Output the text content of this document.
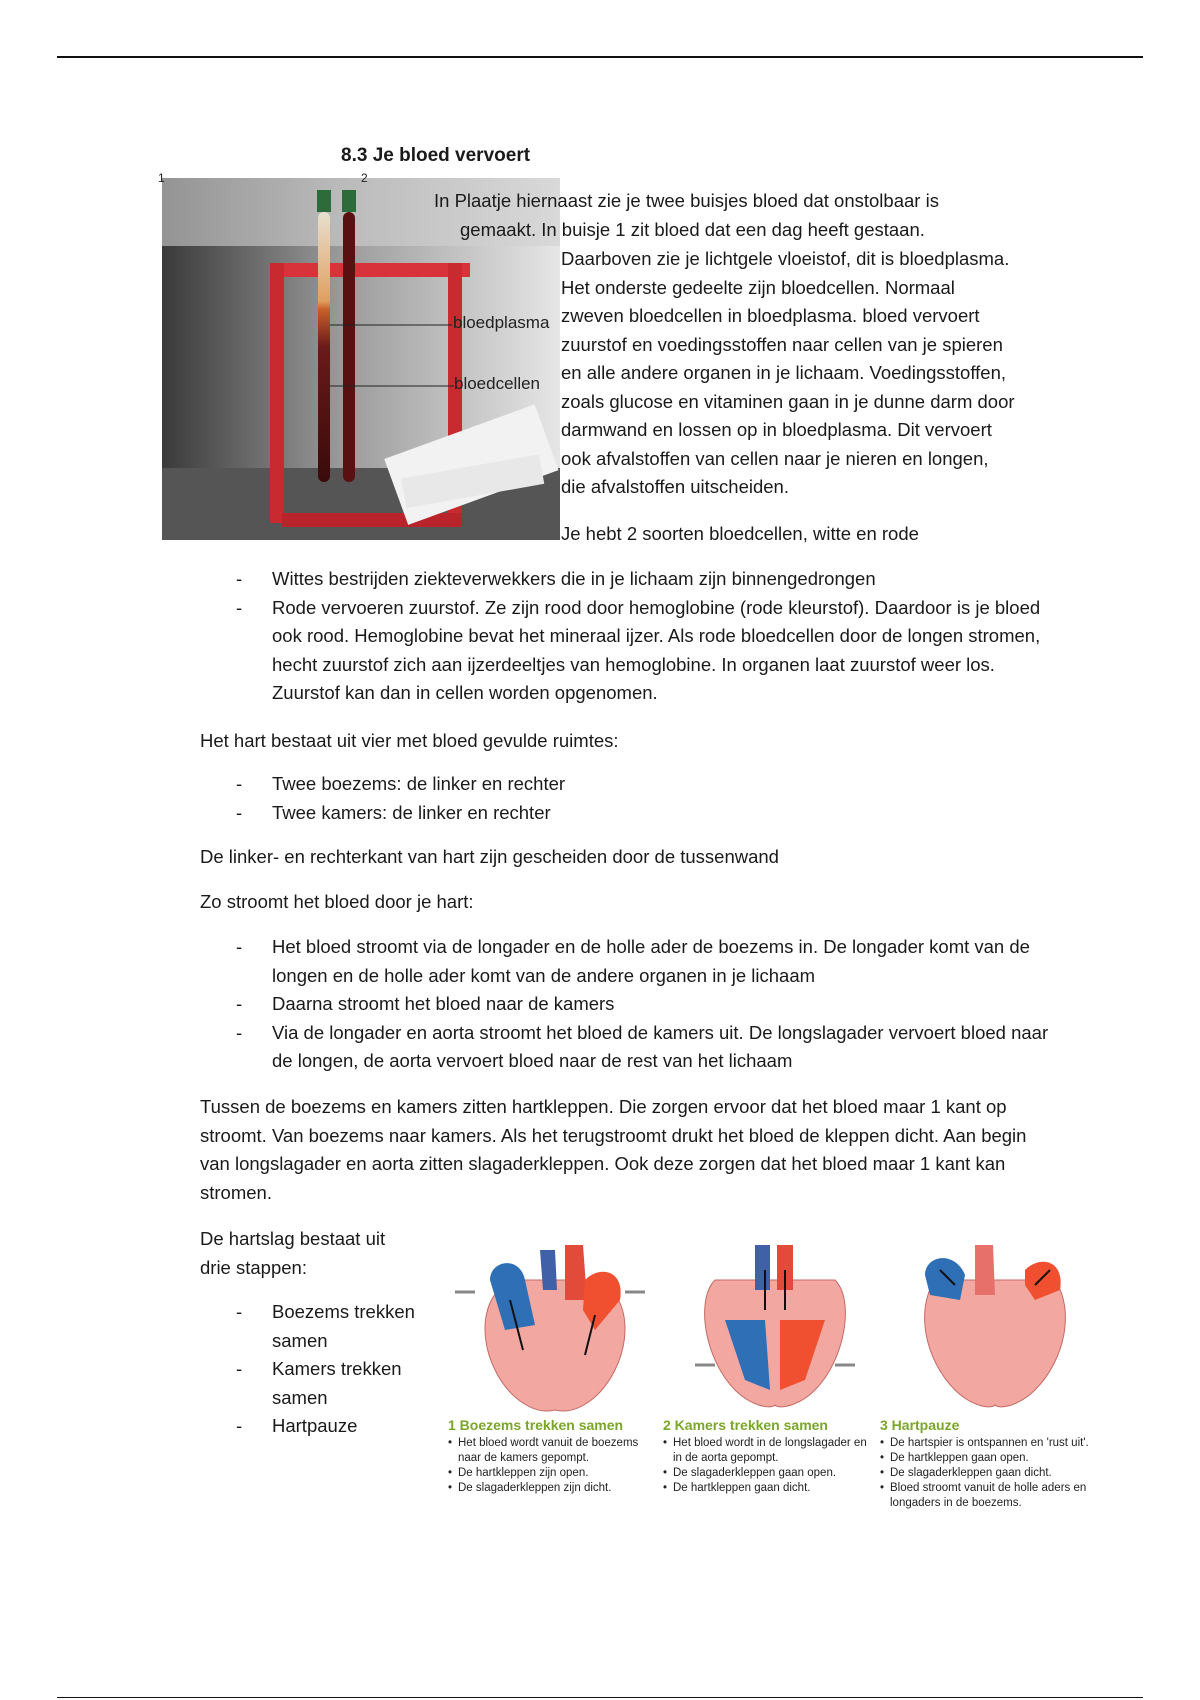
8.3 Je bloed vervoert
1	2
bloedplasma
bloedcellen
In Plaatje hiernaast zie je twee buisjes bloed dat onstolbaar is
gemaakt. In buisje 1 zit bloed dat een dag heeft gestaan.
Daarboven zie je lichtgele vloeistof, dit is bloedplasma.
Het onderste gedeelte zijn bloedcellen. Normaal
zweven bloedcellen in bloedplasma. bloed vervoert
zuurstof en voedingsstoffen naar cellen van je spieren
en alle andere organen in je lichaam. Voedingsstoffen,
zoals glucose en vitaminen gaan in je dunne darm door
darmwand en lossen op in bloedplasma. Dit vervoert
ook afvalstoffen van cellen naar je nieren en longen,
die afvalstoffen uitscheiden.
Je hebt 2 soorten bloedcellen, witte en rode
- Wittes bestrijden ziekteverwekkers die in je lichaam zijn binnengedrongen
- Rode vervoeren zuurstof. Ze zijn rood door hemoglobine (rode kleurstof). Daardoor is je bloed ook rood. Hemoglobine bevat het mineraal ijzer. Als rode bloedcellen door de longen stromen, hecht zuurstof zich aan ijzerdeeltjes van hemoglobine. In organen laat zuurstof weer los. Zuurstof kan dan in cellen worden opgenomen.
Het hart bestaat uit vier met bloed gevulde ruimtes:
- Twee boezems: de linker en rechter
- Twee kamers: de linker en rechter
De linker- en rechterkant van hart zijn gescheiden door de tussenwand
Zo stroomt het bloed door je hart:
- Het bloed stroomt via de longader en de holle ader de boezems in. De longader komt van de longen en de holle ader komt van de andere organen in je lichaam
- Daarna stroomt het bloed naar de kamers
- Via de longader en aorta stroomt het bloed de kamers uit. De longslagader vervoert bloed naar de longen, de aorta vervoert bloed naar de rest van het lichaam
Tussen de boezems en kamers zitten hartkleppen. Die zorgen ervoor dat het bloed maar 1 kant op stroomt. Van boezems naar kamers. Als het terugstroomt drukt het bloed de kleppen dicht. Aan begin van longslagader en aorta zitten slagaderkleppen. Ook deze zorgen dat het bloed maar 1 kant kan stromen.
De hartslag bestaat uit drie stappen:
- Boezems trekken samen
- Kamers trekken samen
- Hartpauze	1 Boezems trekken samen
• Het bloed wordt vanuit de boezems naar de kamers gepompt.
• De hartkleppen zijn open.
• De slagaderkleppen zijn dicht.
2 Kamers trekken samen
• Het bloed wordt in de longslagader en in de aorta gepompt.
• De slagaderkleppen gaan open.
• De hartkleppen gaan dicht.
3 Hartpauze
• De hartspier is ontspannen en 'rust uit'.
• De hartkleppen gaan open.
• De slagaderkleppen gaan dicht.
• Bloed stroomt vanuit de holle aders en longaders in de boezems.
